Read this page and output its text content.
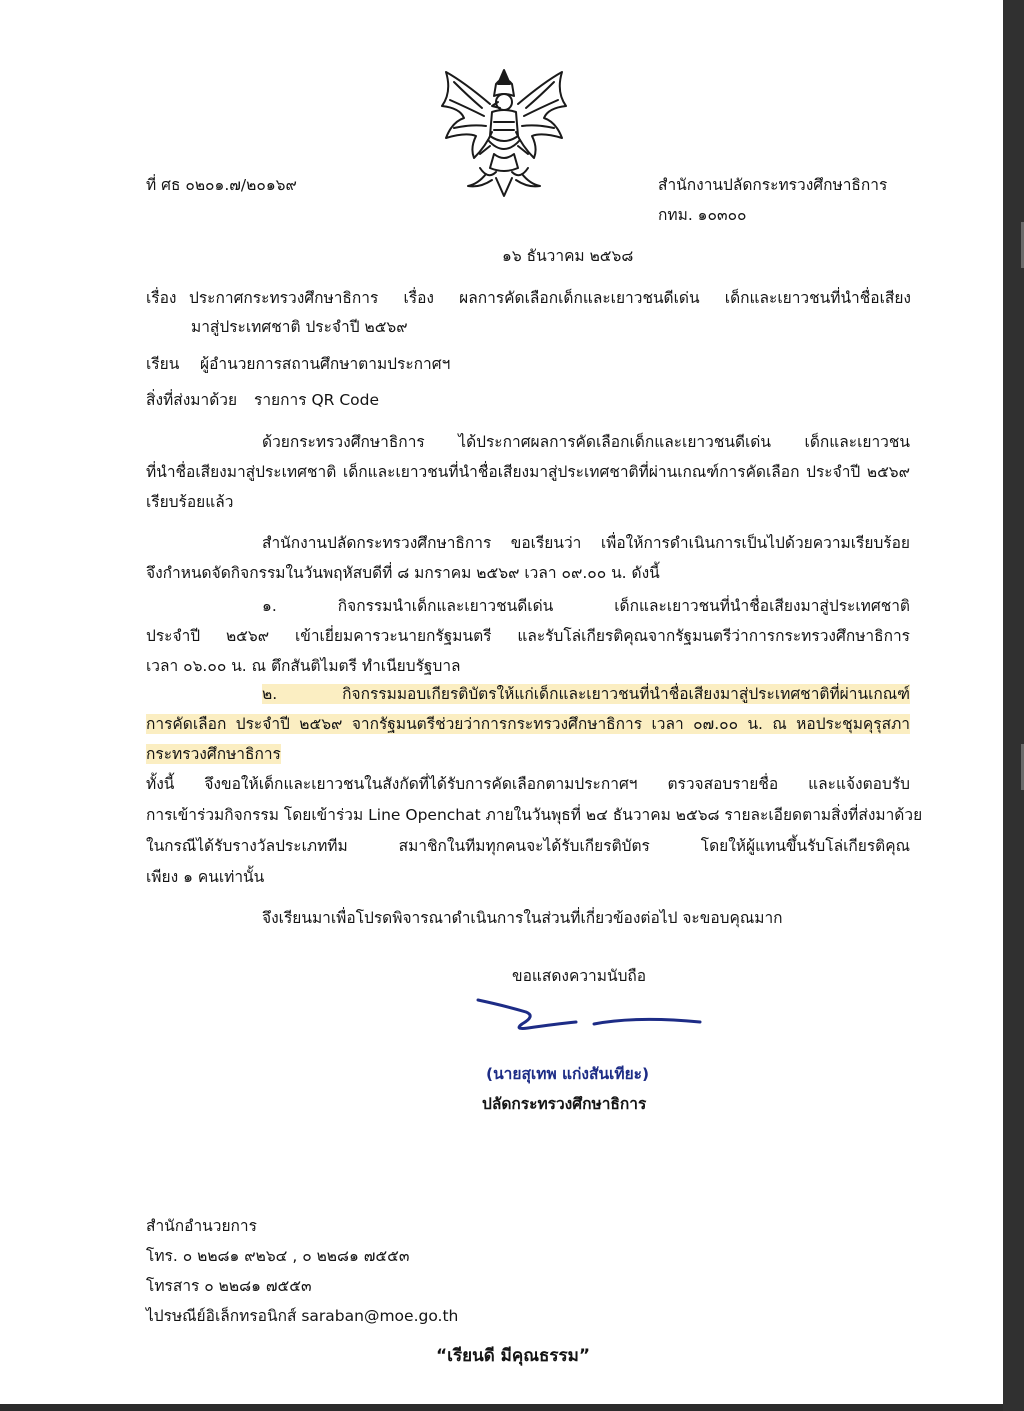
ที่ ศธ ๐๒๐๑.๗/๒๐๑๖๙	สำนักงานปลัดกระทรวงศึกษาธิการ
กทม. ๑๐๓๐๐
๑๖ ธันวาคม ๒๕๖๘
เรื่อง ประกาศกระทรวงศึกษาธิการ เรื่อง ผลการคัดเลือกเด็กและเยาวชนดีเด่น เด็กและเยาวชนที่นำชื่อเสียง
มาสู่ประเทศชาติ ประจำปี ๒๕๖๙
เรียน ผู้อำนวยการสถานศึกษาตามประกาศฯ
สิ่งที่ส่งมาด้วย รายการ QR Code
ด้วยกระทรวงศึกษาธิการ ได้ประกาศผลการคัดเลือกเด็กและเยาวชนดีเด่น เด็กและเยาวชน
ที่นำชื่อเสียงมาสู่ประเทศชาติ เด็กและเยาวชนที่นำชื่อเสียงมาสู่ประเทศชาติที่ผ่านเกณฑ์การคัดเลือก ประจำปี ๒๕๖๙
เรียบร้อยแล้ว
สำนักงานปลัดกระทรวงศึกษาธิการ ขอเรียนว่า เพื่อให้การดำเนินการเป็นไปด้วยความเรียบร้อย
จึงกำหนดจัดกิจกรรมในวันพฤหัสบดีที่ ๘ มกราคม ๒๕๖๙ เวลา ๐๙.๐๐ น. ดังนี้
๑. กิจกรรมนำเด็กและเยาวชนดีเด่น เด็กและเยาวชนที่นำชื่อเสียงมาสู่ประเทศชาติ
ประจำปี ๒๕๖๙ เข้าเยี่ยมคารวะนายกรัฐมนตรี และรับโล่เกียรติคุณจากรัฐมนตรีว่าการกระทรวงศึกษาธิการ
เวลา ๐๖.๐๐ น. ณ ตึกสันติไมตรี ทำเนียบรัฐบาล
๒. กิจกรรมมอบเกียรติบัตรให้แก่เด็กและเยาวชนที่นำชื่อเสียงมาสู่ประเทศชาติที่ผ่านเกณฑ์
การคัดเลือก ประจำปี ๒๕๖๙ จากรัฐมนตรีช่วยว่าการกระทรวงศึกษาธิการ เวลา ๐๗.๐๐ น. ณ หอประชุมคุรุสภา
กระทรวงศึกษาธิการ
ทั้งนี้ จึงขอให้เด็กและเยาวชนในสังกัดที่ได้รับการคัดเลือกตามประกาศฯ ตรวจสอบรายชื่อ และแจ้งตอบรับ
การเข้าร่วมกิจกรรม โดยเข้าร่วม Line Openchat ภายในวันพุธที่ ๒๔ ธันวาคม ๒๕๖๘ รายละเอียดตามสิ่งที่ส่งมาด้วย
ในกรณีได้รับรางวัลประเภททีม สมาชิกในทีมทุกคนจะได้รับเกียรติบัตร โดยให้ผู้แทนขึ้นรับโล่เกียรติคุณ
เพียง ๑ คนเท่านั้น
จึงเรียนมาเพื่อโปรดพิจารณาดำเนินการในส่วนที่เกี่ยวข้องต่อไป จะขอบคุณมาก
ขอแสดงความนับถือ
(นายสุเทพ แก่งสันเทียะ)
ปลัดกระทรวงศึกษาธิการ
สำนักอำนวยการ
โทร. ๐ ๒๒๘๑ ๙๒๖๔ , ๐ ๒๒๘๑ ๗๕๕๓
โทรสาร ๐ ๒๒๘๑ ๗๕๕๓
ไปรษณีย์อิเล็กทรอนิกส์ saraban@moe.go.th
“เรียนดี มีคุณธรรม”
